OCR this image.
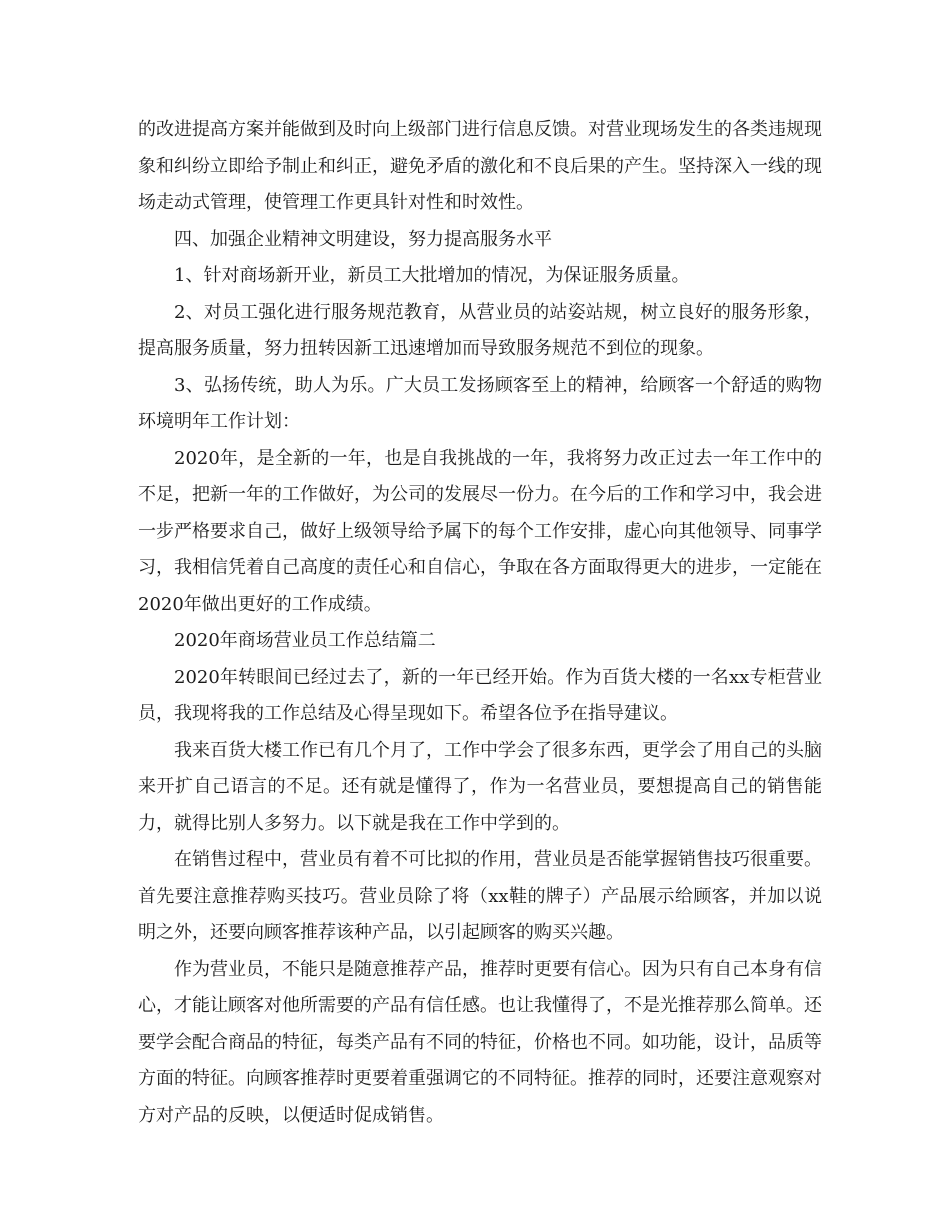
的改进提高方案并能做到及时向上级部门进行信息反馈。对营业现场发生的各类违规现象和纠纷立即给予制止和纠正，避免矛盾的激化和不良后果的产生。坚持深入一线的现场走动式管理，使管理工作更具针对性和时效性。

四、加强企业精神文明建设，努力提高服务水平

1、针对商场新开业，新员工大批增加的情况，为保证服务质量。

2、对员工强化进行服务规范教育，从营业员的站姿站规，树立良好的服务形象，提高服务质量，努力扭转因新工迅速增加而导致服务规范不到位的现象。

3、弘扬传统，助人为乐。广大员工发扬顾客至上的精神，给顾客一个舒适的购物环境明年工作计划：

2020年，是全新的一年，也是自我挑战的一年，我将努力改正过去一年工作中的不足，把新一年的工作做好，为公司的发展尽一份力。在今后的工作和学习中，我会进一步严格要求自己，做好上级领导给予属下的每个工作安排，虚心向其他领导、同事学习，我相信凭着自己高度的责任心和自信心，争取在各方面取得更大的进步，一定能在2020年做出更好的工作成绩。

2020年商场营业员工作总结篇二

2020年转眼间已经过去了，新的一年已经开始。作为百货大楼的一名xx专柜营业员，我现将我的工作总结及心得呈现如下。希望各位予在指导建议。

我来百货大楼工作已有几个月了，工作中学会了很多东西，更学会了用自己的头脑来开扩自己语言的不足。还有就是懂得了，作为一名营业员，要想提高自己的销售能力，就得比别人多努力。以下就是我在工作中学到的。

在销售过程中，营业员有着不可比拟的作用，营业员是否能掌握销售技巧很重要。首先要注意推荐购买技巧。营业员除了将（xx鞋的牌子）产品展示给顾客，并加以说明之外，还要向顾客推荐该种产品，以引起顾客的购买兴趣。

作为营业员，不能只是随意推荐产品，推荐时更要有信心。因为只有自己本身有信心，才能让顾客对他所需要的产品有信任感。也让我懂得了，不是光推荐那么简单。还要学会配合商品的特征，每类产品有不同的特征，价格也不同。如功能，设计，品质等方面的特征。向顾客推荐时更要着重强调它的不同特征。推荐的同时，还要注意观察对方对产品的反映，以便适时促成销售。
